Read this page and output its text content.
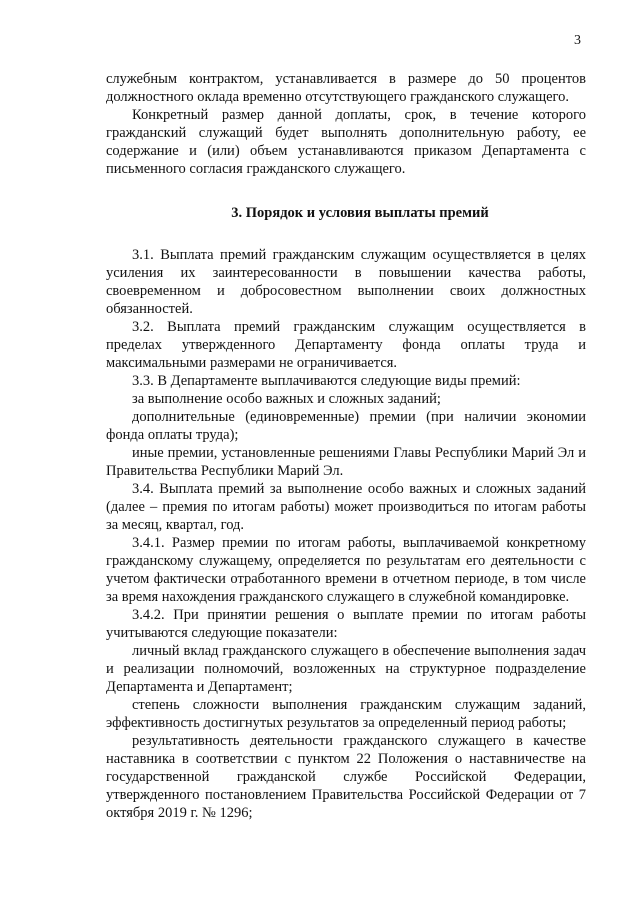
3

служебным контрактом, устанавливается в размере до 50 процентов должностного оклада временно отсутствующего гражданского служащего.

Конкретный размер данной доплаты, срок, в течение которого гражданский служащий будет выполнять дополнительную работу, ее содержание и (или) объем устанавливаются приказом Департамента с письменного согласия гражданского служащего.

3. Порядок и условия выплаты премий

3.1. Выплата премий гражданским служащим осуществляется в целях усиления их заинтересованности в повышении качества работы, своевременном и добросовестном выполнении своих должностных обязанностей.

3.2. Выплата премий гражданским служащим осуществляется в пределах утвержденного Департаменту фонда оплаты труда и максимальными размерами не ограничивается.

3.3. В Департаменте выплачиваются следующие виды премий:

за выполнение особо важных и сложных заданий;

дополнительные (единовременные) премии (при наличии экономии фонда оплаты труда);

иные премии, установленные решениями Главы Республики Марий Эл и Правительства Республики Марий Эл.

3.4. Выплата премий за выполнение особо важных и сложных заданий (далее – премия по итогам работы) может производиться по итогам работы за месяц, квартал, год.

3.4.1. Размер премии по итогам работы, выплачиваемой конкретному гражданскому служащему, определяется по результатам его деятельности с учетом фактически отработанного времени в отчетном периоде, в том числе за время нахождения гражданского служащего в служебной командировке.

3.4.2. При принятии решения о выплате премии по итогам работы учитываются следующие показатели:

личный вклад гражданского служащего в обеспечение выполнения задач и реализации полномочий, возложенных на структурное подразделение Департамента и Департамент;

степень сложности выполнения гражданским служащим заданий, эффективность достигнутых результатов за определенный период работы;

результативность деятельности гражданского служащего в качестве наставника в соответствии с пунктом 22 Положения о наставничестве на государственной гражданской службе Российской Федерации, утвержденного постановлением Правительства Российской Федерации от 7 октября 2019 г. № 1296;
